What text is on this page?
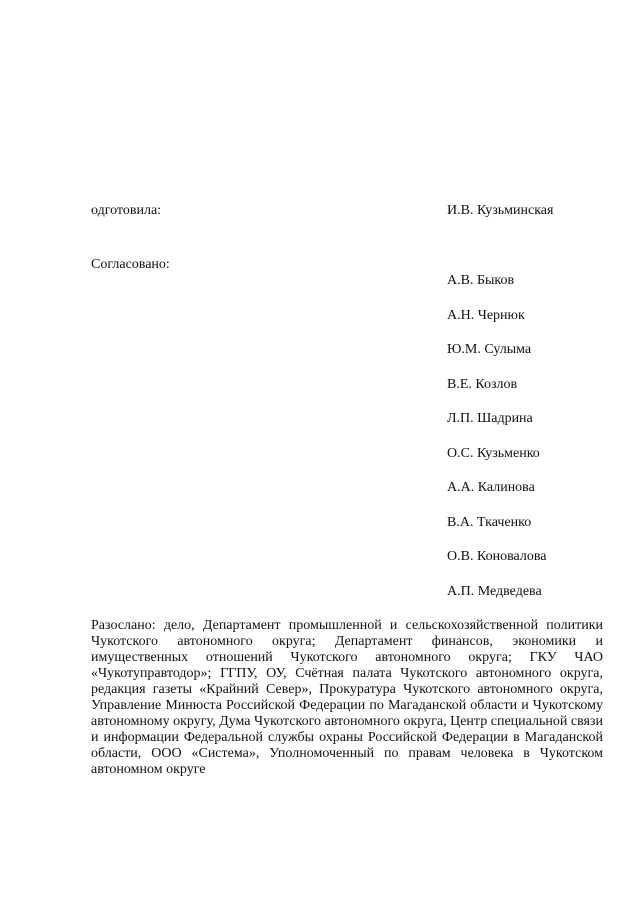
одготовила:	И.В. Кузьминская
Согласовано:
А.В. Быков
А.Н. Чернюк
Ю.М. Сулыма
В.Е. Козлов
Л.П. Шадрина
О.С. Кузьменко
А.А. Калинова
В.А. Ткаченко
О.В. Коновалова
А.П. Медведева
Разослано: дело, Департамент промышленной и сельскохозяйственной политики Чукотского автономного округа; Департамент финансов, экономики и имущественных отношений Чукотского автономного округа; ГКУ ЧАО «Чукотуправтодор»; ГГПУ, ОУ, Счётная палата Чукотского автономного округа, редакция газеты «Крайний Север», Прокуратура Чукотского автономного округа, Управление Минюста Российской Федерации по Магаданской области и Чукотскому автономному округу, Дума Чукотского автономного округа, Центр специальной связи и информации Федеральной службы охраны Российской Федерации в Магаданской области, ООО «Система», Уполномоченный по правам человека в Чукотском автономном округе
